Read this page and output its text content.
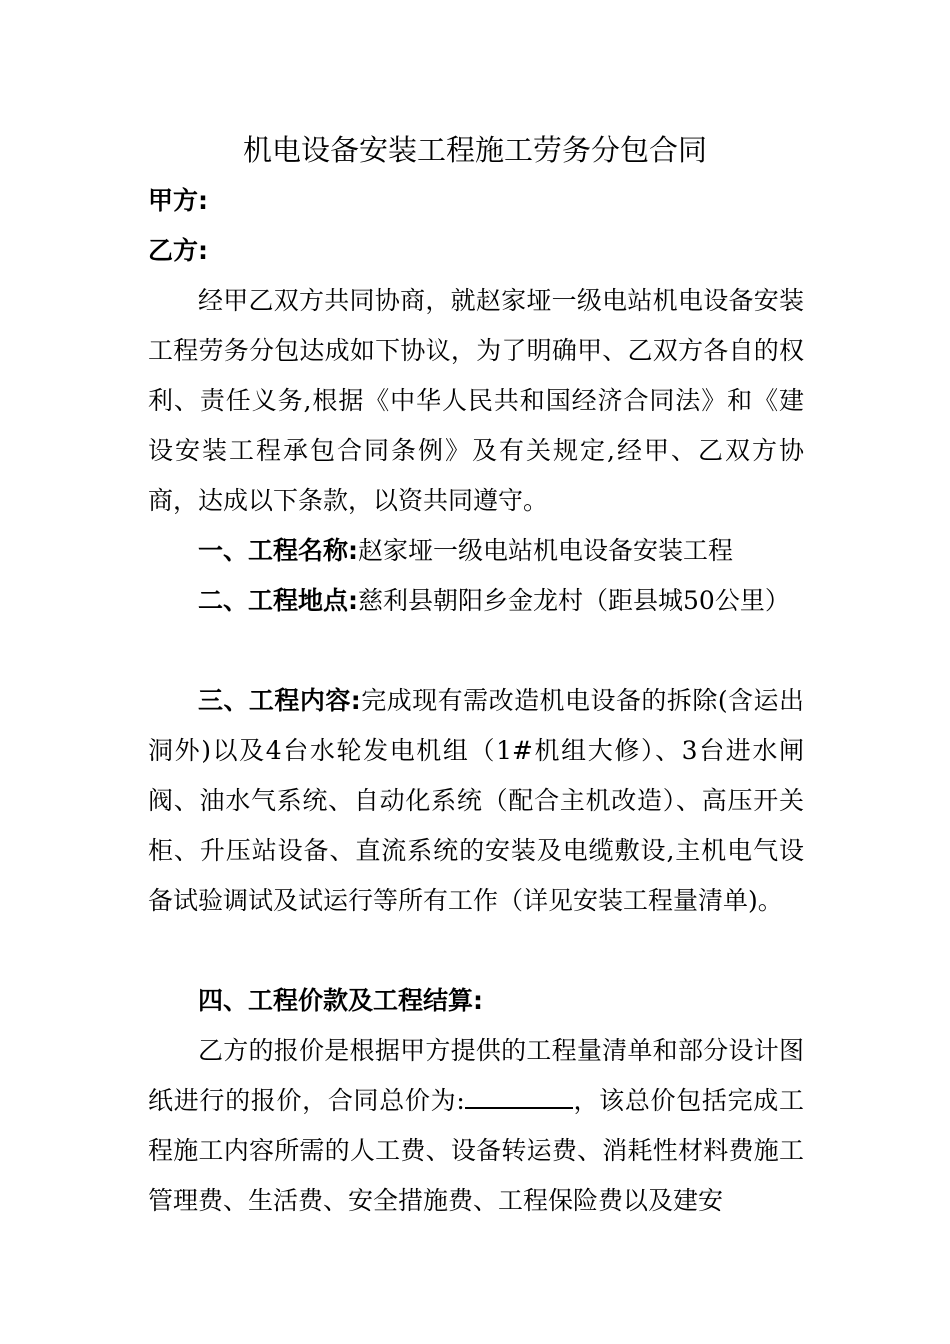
机电设备安装工程施工劳务分包合同

甲方:

乙方:

经甲乙双方共同协商，就赵家垭一级电站机电设备安装工程劳务分包达成如下协议，为了明确甲、乙双方各自的权利、责任义务,根据《中华人民共和国经济合同法》和《建设安装工程承包合同条例》及有关规定,经甲、乙双方协商，达成以下条款，以资共同遵守。

一、工程名称:赵家垭一级电站机电设备安装工程

二、工程地点:慈利县朝阳乡金龙村（距县城50公里）

三、工程内容:完成现有需改造机电设备的拆除(含运出洞外)以及4台水轮发电机组（1#机组大修）、3台进水闸阀、油水气系统、自动化系统（配合主机改造）、高压开关柜、升压站设备、直流系统的安装及电缆敷设,主机电气设备试验调试及试运行等所有工作（详见安装工程量清单)。

四、工程价款及工程结算:

乙方的报价是根据甲方提供的工程量清单和部分设计图纸进行的报价，合同总价为:	，该总价包括完成工程施工内容所需的人工费、设备转运费、消耗性材料费施工管理费、生活费、安全措施费、工程保险费以及建安
